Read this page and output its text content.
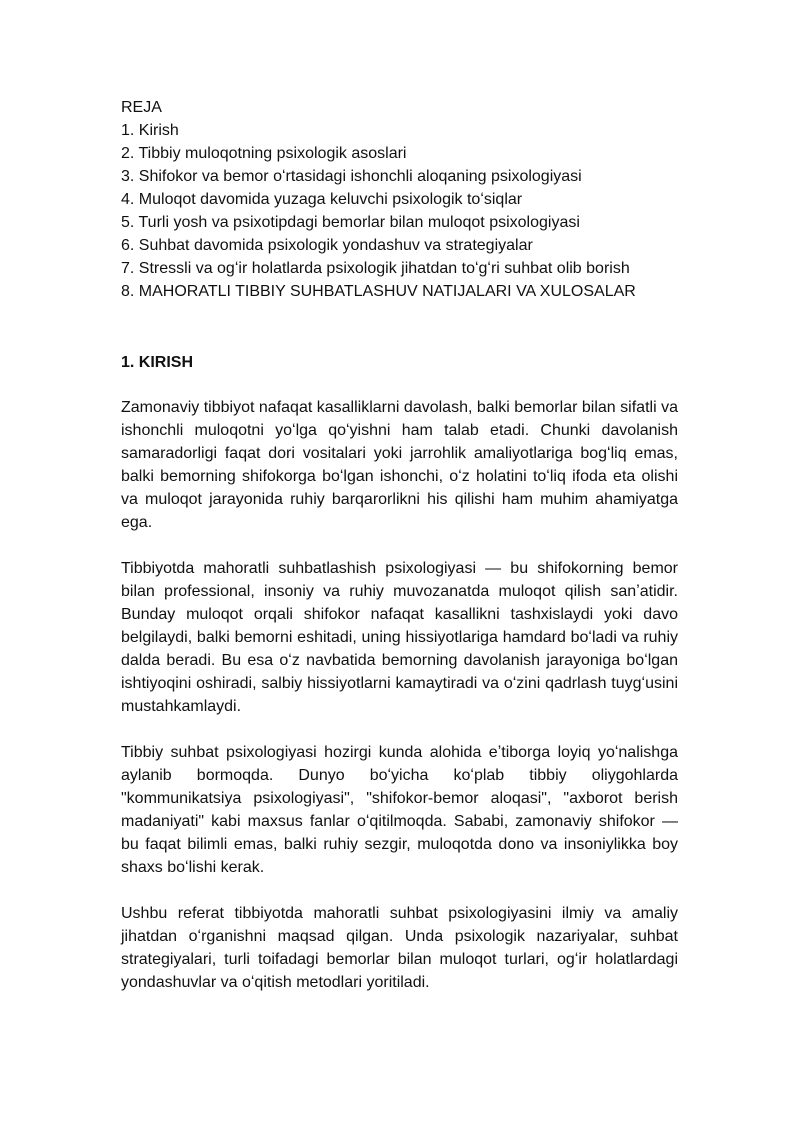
REJA

1. Kirish

2. Tibbiy muloqotning psixologik asoslari

3. Shifokor va bemor oʻrtasidagi ishonchli aloqaning psixologiyasi

4. Muloqot davomida yuzaga keluvchi psixologik toʻsiqlar

5. Turli yosh va psixotipdagi bemorlar bilan muloqot psixologiyasi

6. Suhbat davomida psixologik yondashuv va strategiyalar

7. Stressli va ogʻir holatlarda psixologik jihatdan toʻgʻri suhbat olib borish

8. MAHORATLI TIBBIY SUHBATLASHUV NATIJALARI VA XULOSALAR

1. KIRISH

Zamonaviy tibbiyot nafaqat kasalliklarni davolash, balki bemorlar bilan sifatli va ishonchli muloqotni yoʻlga qoʻyishni ham talab etadi. Chunki davolanish samaradorligi faqat dori vositalari yoki jarrohlik amaliyotlariga bogʻliq emas, balki bemorning shifokorga boʻlgan ishonchi, oʻz holatini toʻliq ifoda eta olishi va muloqot jarayonida ruhiy barqarorlikni his qilishi ham muhim ahamiyatga ega.

Tibbiyotda mahoratli suhbatlashish psixologiyasi — bu shifokorning bemor bilan professional, insoniy va ruhiy muvozanatda muloqot qilish sanʼatidir. Bunday muloqot orqali shifokor nafaqat kasallikni tashxislaydi yoki davo belgilaydi, balki bemorni eshitadi, uning hissiyotlariga hamdard boʻladi va ruhiy dalda beradi. Bu esa oʻz navbatida bemorning davolanish jarayoniga boʻlgan ishtiyoqini oshiradi, salbiy hissiyotlarni kamaytiradi va oʻzini qadrlash tuygʻusini mustahkamlaydi.

Tibbiy suhbat psixologiyasi hozirgi kunda alohida eʼtiborga loyiq yoʻnalishga aylanib bormoqda. Dunyo boʻyicha koʻplab tibbiy oliygohlarda "kommunikatsiya psixologiyasi", "shifokor-bemor aloqasi", "axborot berish madaniyati" kabi maxsus fanlar oʻqitilmoqda. Sababi, zamonaviy shifokor — bu faqat bilimli emas, balki ruhiy sezgir, muloqotda dono va insoniylikka boy shaxs boʻlishi kerak.

Ushbu referat tibbiyotda mahoratli suhbat psixologiyasini ilmiy va amaliy jihatdan oʻrganishni maqsad qilgan. Unda psixologik nazariyalar, suhbat strategiyalari, turli toifadagi bemorlar bilan muloqot turlari, ogʻir holatlardagi yondashuvlar va oʻqitish metodlari yoritiladi.
